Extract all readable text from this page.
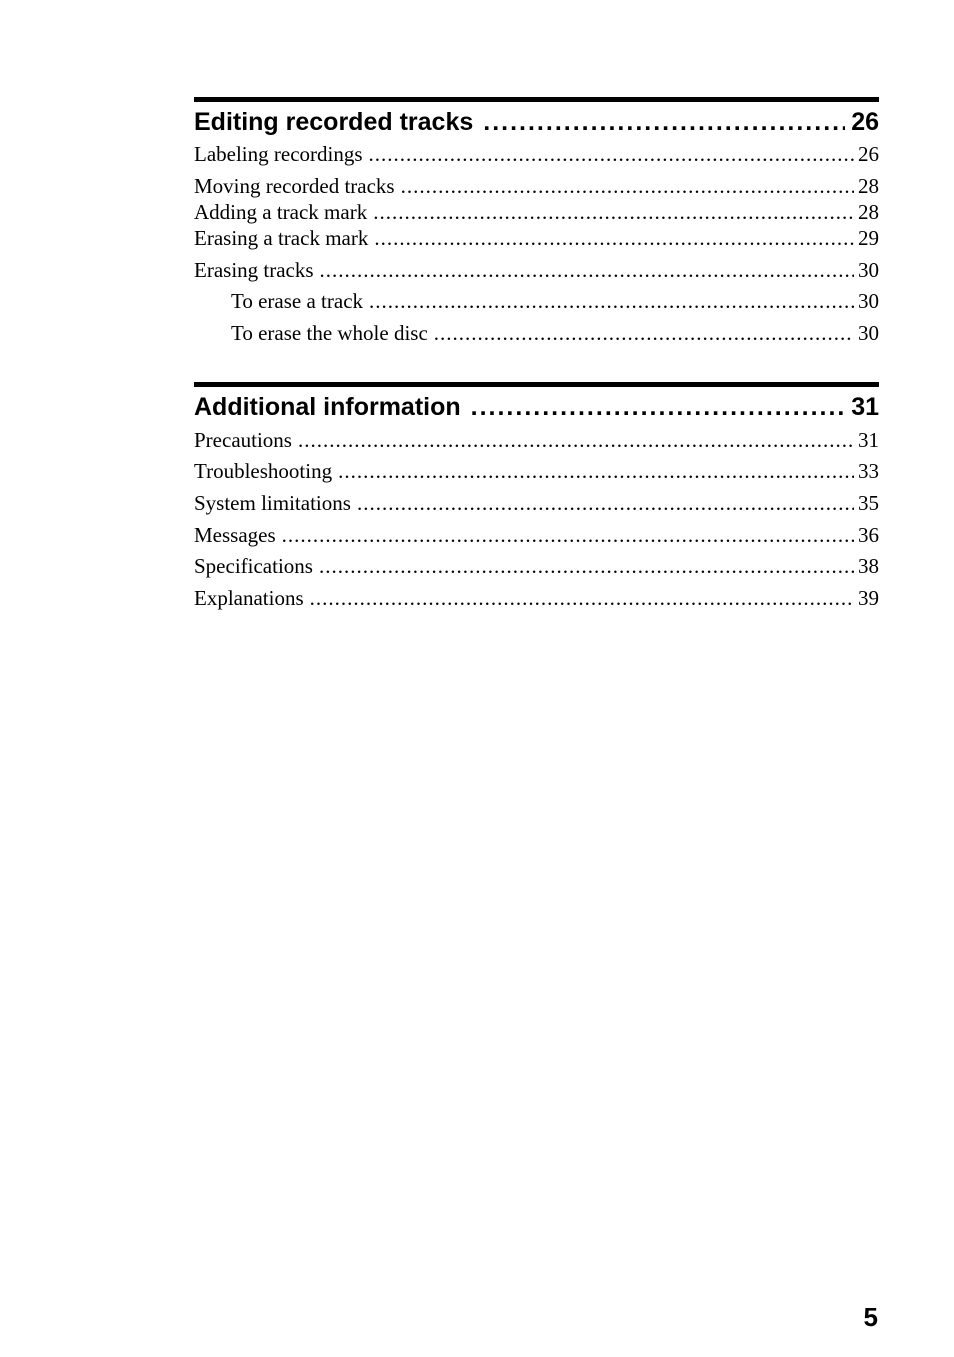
Editing recorded tracks .....	26
Labeling recordings .....	26
Moving recorded tracks .....	28
Adding a track mark .....	28
Erasing a track mark .....	29
Erasing tracks .....	30
To erase a track .....	30
To erase the whole disc .....	30
Additional information .....	31
Precautions .....	31
Troubleshooting .....	33
System limitations .....	35
Messages .....	36
Specifications .....	38
Explanations .....	39
5
